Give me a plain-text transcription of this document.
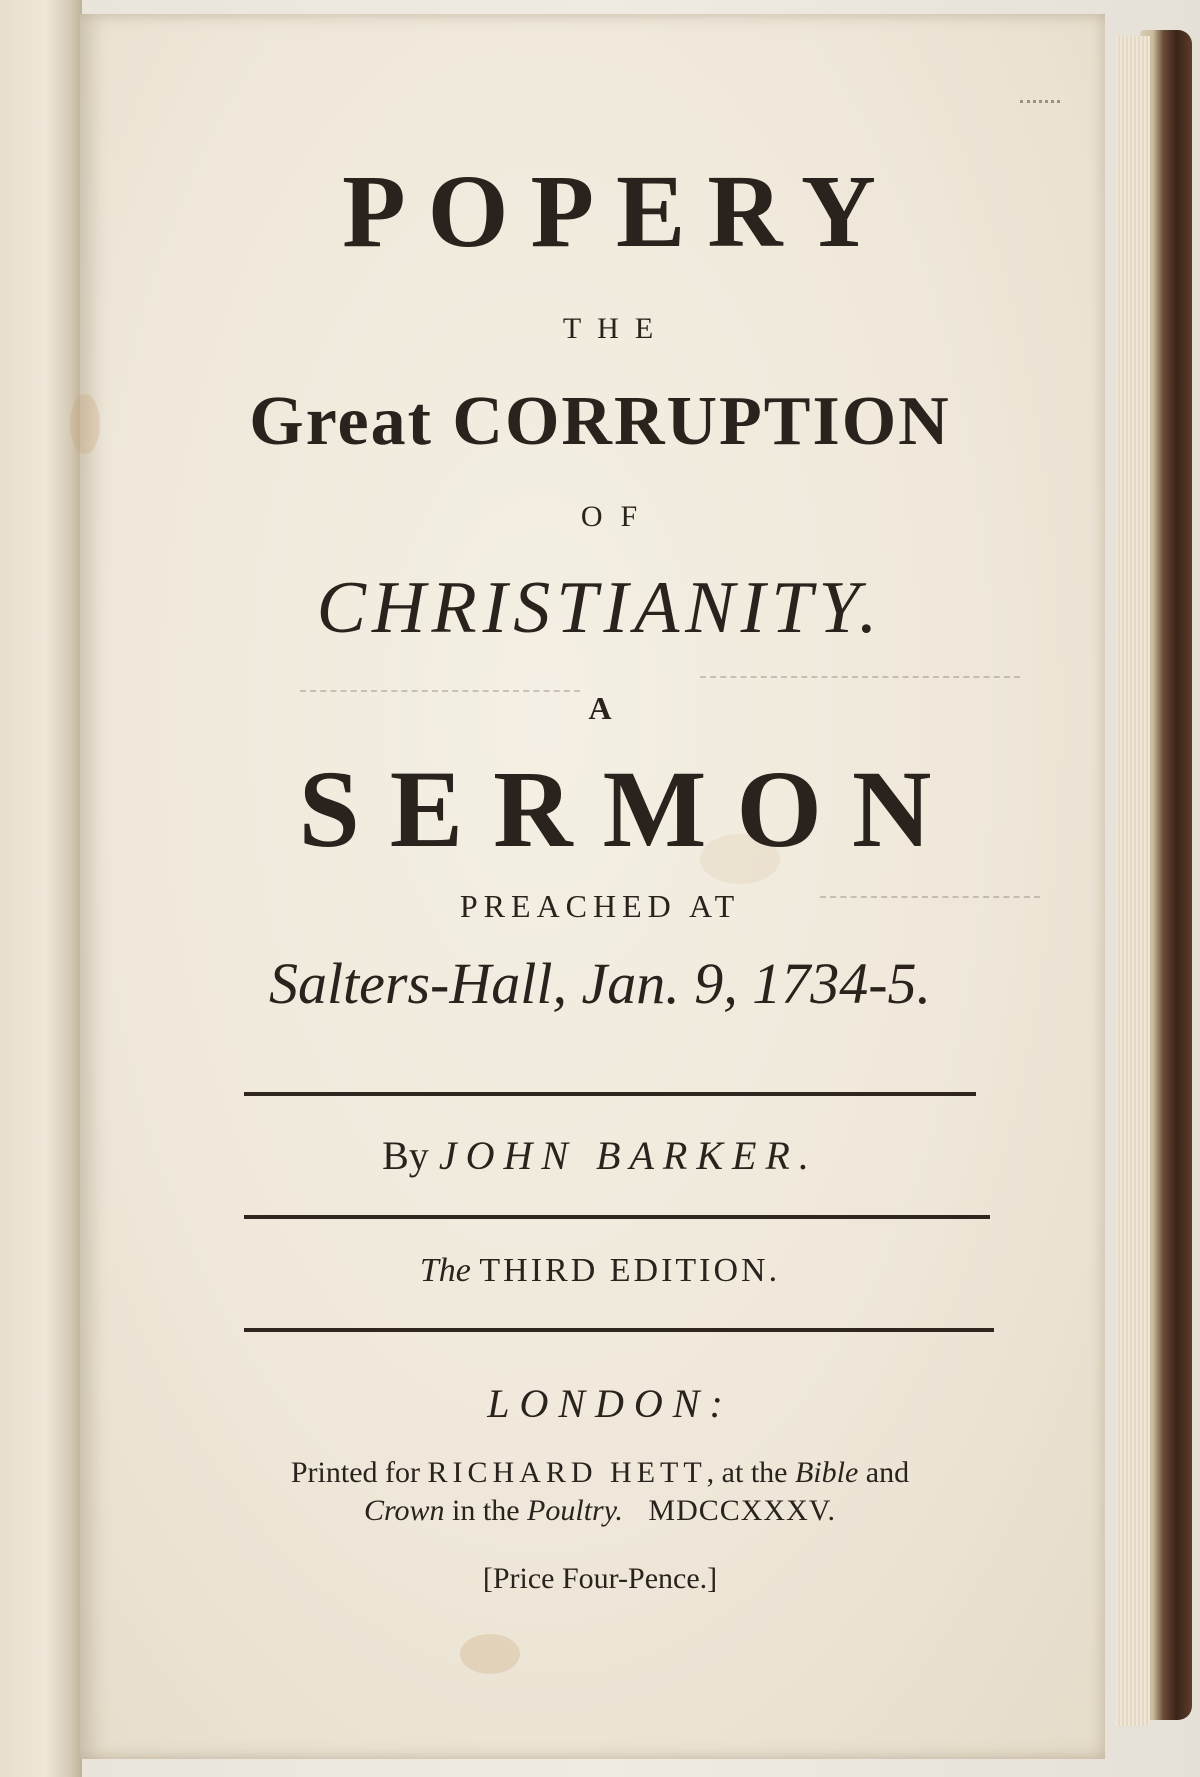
POPERY
THE
Great CORRUPTION
OF
CHRISTIANITY.
A
SERMON
PREACHED AT
Salters-Hall, Jan. 9, 1734-5.
By JOHN BARKER.
The THIRD EDITION.
LONDON:
Printed for RICHARD HETT, at the Bible and
Crown in the Poultry.   MDCCXXXV.
[Price Four-Pence.]
